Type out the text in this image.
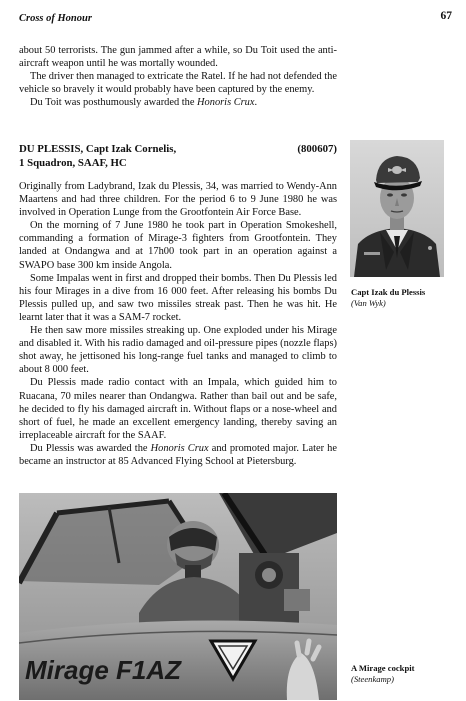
Cross of Honour	67

about 50 terrorists. The gun jammed after a while, so Du Toit used the anti-aircraft weapon until he was mortally wounded.

The driver then managed to extricate the Ratel. If he had not defended the vehicle so bravely it would probably have been captured by the enemy.

Du Toit was posthumously awarded the Honoris Crux.

DU PLESSIS, Capt Izak Cornelis,	(800607)
1 Squadron, SAAF, HC

Originally from Ladybrand, Izak du Plessis, 34, was married to Wendy-Ann Maartens and had three children. For the period 6 to 9 June 1980 he was involved in Operation Lunge from the Grootfontein Air Force Base.

On the morning of 7 June 1980 he took part in Operation Smokeshell, commanding a formation of Mirage-3 fighters from Grootfontein. They landed at Ondangwa and at 17h00 took part in an operation against a SWAPO base 300 km inside Angola.

Some Impalas went in first and dropped their bombs. Then Du Plessis led his four Mirages in a dive from 16 000 feet. After releasing his bombs Du Plessis pulled up, and saw two missiles streak past. Then he was hit. He learnt later that it was a SAM-7 rocket.

He then saw more missiles streaking up. One exploded under his Mirage and disabled it. With his radio damaged and oil-pressure pipes (nozzle flaps) shot away, he jettisoned his long-range fuel tanks and managed to climb to about 8 000 feet.

Du Plessis made radio contact with an Impala, which guided him to Ruacana, 70 miles nearer than Ondangwa. Rather than bail out and be safe, he decided to fly his damaged aircraft in. Without flaps or a nose-wheel and short of fuel, he made an excellent emergency landing, thereby saving an irreplaceable aircraft for the SAAF.

Du Plessis was awarded the Honoris Crux and promoted major. Later he became an instructor at 85 Advanced Flying School at Pietersburg.

Capt Izak du Plessis
(Van Wyk)
Mirage F1AZ	A Mirage cockpit
(Steenkamp)
